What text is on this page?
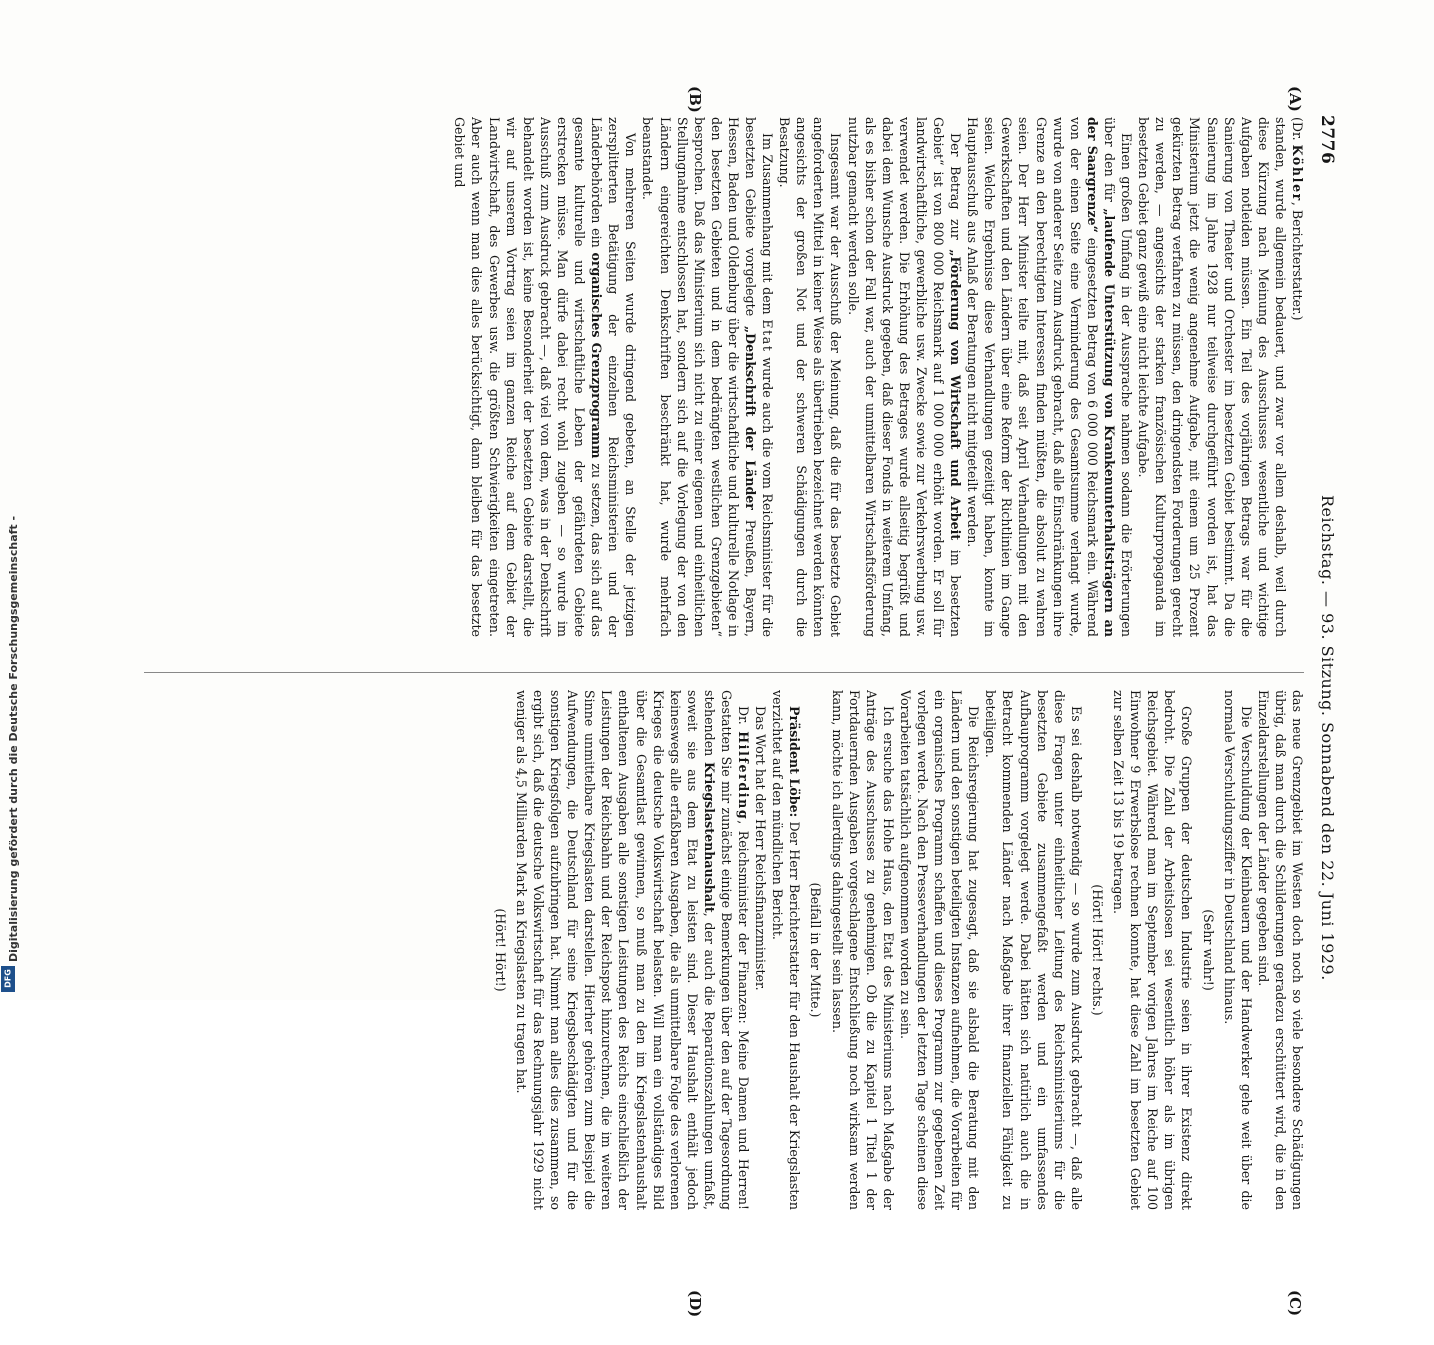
2776
Reichstag. — 93. Sitzung. Sonnabend den 22. Juni 1929.
(A)
(B)
(C)
(D)

(Dr. Köhler, Berichterstatter.)

standen, wurde allgemein bedauert, und zwar vor allem deshalb, weil durch diese Kürzung nach Meinung des Ausschusses wesentliche und wichtige Aufgaben notleiden müssen. Ein Teil des vorjährigen Betrags war für die Sanierung von Theater und Orchester im besetzten Gebiet bestimmt. Da die Sanierung im Jahre 1928 nur teilweise durchgeführt worden ist, hat das Ministerium jetzt die wenig angenehme Aufgabe, mit einem um 25 Prozent gekürzten Betrag verfahren zu müssen, den dringendsten Forderungen gerecht zu werden, — angesichts der starken französischen Kulturpropaganda im besetzten Gebiet ganz gewiß eine nicht leichte Aufgabe.

Einen großen Umfang in der Aussprache nahmen sodann die Erörterungen über den für „laufende Unterstützung von Krankenunterhaltsträgern an der Saargrenze“ eingesetzten Betrag von 6 000 000 Reichsmark ein. Während von der einen Seite eine Verminderung des Gesamtsumme verlangt wurde, wurde von anderer Seite zum Ausdruck gebracht, daß alle Einschränkungen ihre Grenze an den berechtigten Interessen finden müßten, die absolut zu wahren seien. Der Herr Minister teilte mit, daß seit April Verhandlungen mit den Gewerkschaften und den Ländern über eine Reform der Richtlinien im Gange seien. Welche Ergebnisse diese Verhandlungen gezeitigt haben, konnte im Hauptausschuß aus Anlaß der Beratungen nicht mitgeteilt werden.

Der Betrag zur „Förderung von Wirtschaft und Arbeit im besetzten Gebiet“ ist von 800 000 Reichsmark auf 1 000 000 erhöht worden. Er soll für landwirtschaftliche, gewerbliche usw. Zwecke sowie zur Verkehrswerbung usw. verwendet werden. Die Erhöhung des Betrages wurde allseitig begrüßt und dabei dem Wunsche Ausdruck gegeben, daß dieser Fonds in weiterem Umfang, als es bisher schon der Fall war, auch der unmittelbaren Wirtschaftsförderung nutzbar gemacht werden solle.

Insgesamt war der Ausschuß der Meinung, daß die für das besetzte Gebiet angeforderten Mittel in keiner Weise als übertrieben bezeichnet werden könnten angesichts der großen Not und der schweren Schädigungen durch die Besatzung.

Im Zusammenhang mit dem Etat wurde auch die vom Reichsminister für die besetzten Gebiete vorgelegte „Denkschrift der Länder Preußen, Bayern, Hessen, Baden und Oldenburg über die wirtschaftliche und kulturelle Notlage in den besetzten Gebieten und in dem bedrängten westlichen Grenzgebieten“ besprochen. Daß das Ministerium sich nicht zu einer eigenen und einheitlichen Stellungnahme entschlossen hat, sondern sich auf die Vorlegung der von den Ländern eingereichten Denkschriften beschränkt hat, wurde mehrfach beanstandet.

Von mehreren Seiten wurde dringend gebeten, an Stelle der jetzigen zersplitterten Betätigung der einzelnen Reichsministerien und der Länderbehörden ein organisches Grenzprogramm zu setzen, das sich auf das gesamte kulturelle und wirtschaftliche Leben der gefährdeten Gebiete erstrecken müsse. Man dürfe dabei recht wohl zugeben — so wurde im Ausschuß zum Ausdruck gebracht —, daß viel von dem, was in der Denkschrift behandelt worden ist, keine Besonderheit der besetzten Gebiete darstellt, die wir auf unserem Vortrag seien im ganzen Reiche auf dem Gebiet der Landwirtschaft, des Gewerbes usw. die größten Schwierigkeiten eingetreten. Aber auch wenn man dies alles berücksichtigt, dann bleiben für das besetzte Gebiet und

das neue Grenzgebiet im Westen doch noch so viele besondere Schädigungen übrig, daß man durch die Schilderungen geradezu erschüttert wird, die in den Einzeldarstellungen der Länder gegeben sind.

Die Verschuldung der Kleinbauern und der Handwerker gehe weit über die normale Verschuldungsziffer in Deutschland hinaus.

(Sehr wahr!)

Große Gruppen der deutschen Industrie seien in ihrer Existenz direkt bedroht. Die Zahl der Arbeitslosen sei wesentlich höher als im übrigen Reichsgebiet. Während man im September vorigen Jahres im Reiche auf 100 Einwohner 9 Erwerbslose rechnen konnte, hat diese Zahl im besetzten Gebiet zur selben Zeit 13 bis 19 betragen.

(Hört! Hört! rechts.)

Es sei deshalb notwendig — so wurde zum Ausdruck gebracht —, daß alle diese Fragen unter einheitlicher Leitung des Reichsministeriums für die besetzten Gebiete zusammengefaßt werden und ein umfassendes Aufbauprogramm vorgelegt werde. Dabei hätten sich natürlich auch die in Betracht kommenden Länder nach Maßgabe ihrer finanziellen Fähigkeit zu beteiligen.

Die Reichsregierung hat zugesagt, daß sie alsbald die Beratung mit den Ländern und den sonstigen beteiligten Instanzen aufnehmen, die Vorarbeiten für ein organisches Programm schaffen und dieses Programm zur gegebenen Zeit vorlegen werde. Nach den Presseverhandlungen der letzten Tage scheinen diese Vorarbeiten tatsächlich aufgenommen worden zu sein.

Ich ersuche das Hohe Haus, den Etat des Ministeriums nach Maßgabe der Anträge des Ausschusses zu genehmigen. Ob die zu Kapitel 1 Titel 1 der Fortdauernden Ausgaben vorgeschlagene Entschließung noch wirksam werden kann, möchte ich allerdings dahingestellt sein lassen.

(Beifall in der Mitte.)

Präsident Löbe: Der Herr Berichterstatter für den Haushalt der Kriegslasten verzichtet auf den mündlichen Bericht.

Das Wort hat der Herr Reichsfinanzminister.

Dr. Hilferding, Reichsminister der Finanzen: Meine Damen und Herren! Gestatten Sie mir zunächst einige Bemerkungen über den auf der Tagesordnung stehenden Kriegslastenhaushalt, der auch die Reparationszahlungen umfaßt, soweit sie aus dem Etat zu leisten sind. Dieser Haushalt enthält jedoch keineswegs alle erfaßbaren Ausgaben, die als unmittelbare Folge des verlorenen Krieges die deutsche Volkswirtschaft belasten. Will man ein vollständiges Bild über die Gesamtlast gewinnen, so muß man zu den im Kriegslastenhaushalt enthaltenen Ausgaben alle sonstigen Leistungen des Reichs einschließlich der Leistungen der Reichsbahn und der Reichspost hinzurechnen, die im weiteren Sinne unmittelbare Kriegslasten darstellen. Hierher gehören zum Beispiel die Aufwendungen, die Deutschland für seine Kriegsbeschädigten und für die sonstigen Kriegsfolgen aufzubringen hat. Nimmt man alles dies zusammen, so ergibt sich, daß die deutsche Volkswirtschaft für das Rechnungsjahr 1929 nicht weniger als 4,5 Milliarden Mark an Kriegslasten zu tragen hat.

(Hört! Hört!)

Digitalisierung gefördert durch die Deutsche Forschungsgemeinschaft -
DFG
